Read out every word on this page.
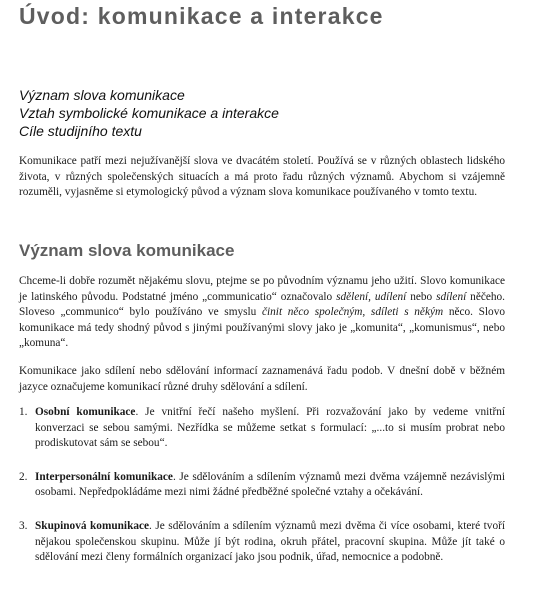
Úvod: komunikace a interakce
Význam slova komunikace
Vztah symbolické komunikace a interakce
Cíle studijního textu

Komunikace patří mezi nejužívanější slova ve dvacátém století. Používá se v různých oblastech lidského života, v různých společenských situacích a má proto řadu různých významů. Abychom si vzájemně rozuměli, vyjasněme si etymologický původ a význam slova komunikace používaného v tomto textu.

Význam slova komunikace

Chceme-li dobře rozumět nějakému slovu, ptejme se po původním významu jeho užití. Slovo komunikace je latinského původu. Podstatné jméno „communicatio“ označovalo sdělení, udílení nebo sdílení něčeho. Sloveso „communico“ bylo používáno ve smyslu činit něco společným, sdíleti s někým něco. Slovo komunikace má tedy shodný původ s jinými používanými slovy jako je „komunita“, „komunismus“, nebo „komuna“.

Komunikace jako sdílení nebo sdělování informací zaznamenává řadu podob. V dnešní době v běžném jazyce označujeme komunikací různé druhy sdělování a sdílení.

1. Osobní komunikace. Je vnitřní řečí našeho myšlení. Při rozvažování jako by vedeme vnitřní konverzaci se sebou samými. Nezřídka se můžeme setkat s formulací: „...to si musím probrat nebo prodiskutovat sám se sebou“.

2. Interpersonální komunikace. Je sdělováním a sdílením významů mezi dvěma vzájemně nezávislými osobami. Nepředpokládáme mezi nimi žádné předběžné společné vztahy a očekávání.

3. Skupinová komunikace. Je sdělováním a sdílením významů mezi dvěma či více osobami, které tvoří nějakou společenskou skupinu. Může jí být rodina, okruh přátel, pracovní skupina. Může jít také o sdělování mezi členy formálních organizací jako jsou podnik, úřad, nemocnice a podobně.
